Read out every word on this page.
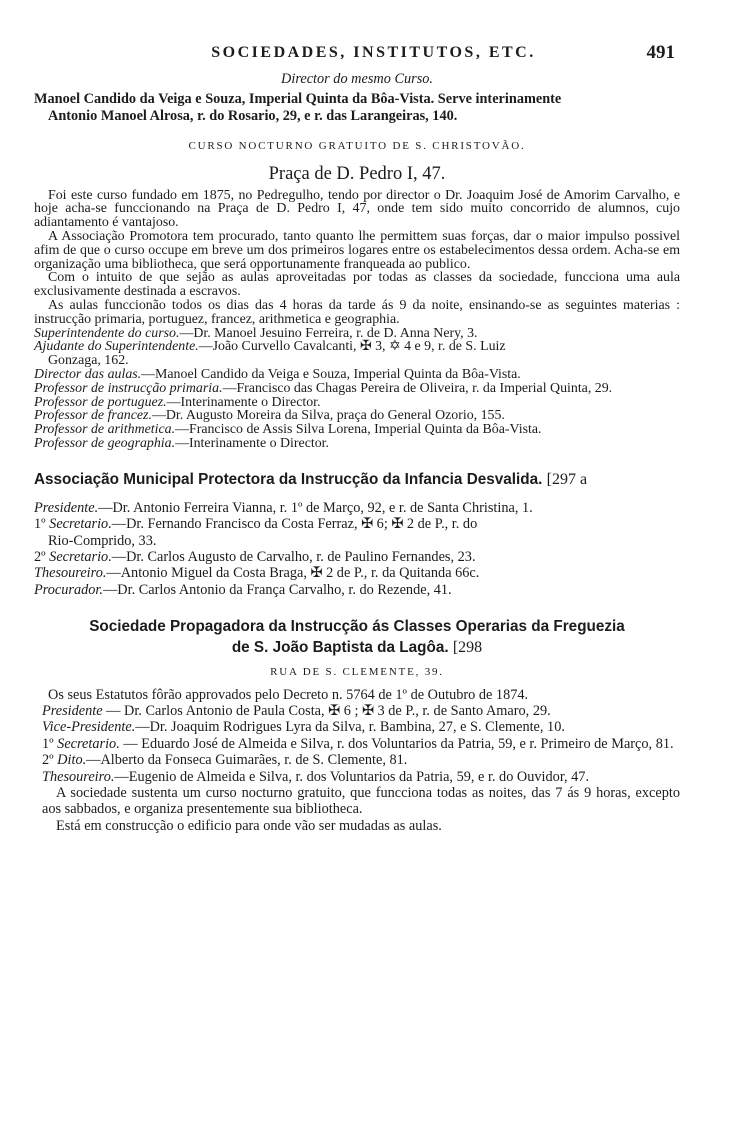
SOCIEDADES, INSTITUTOS, ETC.	491

Director do mesmo Curso.

Manoel Candido da Veiga e Souza, Imperial Quinta da Bôa-Vista. Serve interinamente

Antonio Manoel Alrosa, r. do Rosario, 29, e r. das Larangeiras, 140.

CURSO NOCTURNO GRATUITO DE S. CHRISTOVÃO.

Praça de D. Pedro I, 47.

Foi este curso fundado em 1875, no Pedregulho, tendo por director o Dr. Joaquim José de Amorim Carvalho, e hoje acha-se funccionando na Praça de D. Pedro I, 47, onde tem sido muito concorrido de alumnos, cujo adiantamento é vantajoso.

A Associação Promotora tem procurado, tanto quanto lhe permittem suas forças, dar o maior impulso possivel afim de que o curso occupe em breve um dos primeiros logares entre os estabelecimentos dessa ordem. Acha-se em organização uma bibliotheca, que será opportunamente franqueada ao publico.

Com o intuito de que sejão as aulas aproveitadas por todas as classes da sociedade, funcciona uma aula exclusivamente destinada a escravos.

As aulas funccionão todos os dias das 4 horas da tarde ás 9 da noite, ensinando-se as seguintes materias : instrucção primaria, portuguez, francez, arithmetica e geographia.

Superintendente do curso.—Dr. Manoel Jesuino Ferreira, r. de D. Anna Nery, 3.

Ajudante do Superintendente.—João Curvello Cavalcanti, ✠ 3, ✡ 4 e 9, r. de S. Luiz

Gonzaga, 162.

Director das aulas.—Manoel Candido da Veiga e Souza, Imperial Quinta da Bôa-Vista.

Professor de instrucção primaria.—Francisco das Chagas Pereira de Oliveira, r. da Imperial Quinta, 29.

Professor de portuguez.—Interinamente o Director.

Professor de francez.—Dr. Augusto Moreira da Silva, praça do General Ozorio, 155.

Professor de arithmetica.—Francisco de Assis Silva Lorena, Imperial Quinta da Bôa-Vista.

Professor de geographia.—Interinamente o Director.

Associação Municipal Protectora da Instrucção da Infancia Desvalida. [297 a

Presidente.—Dr. Antonio Ferreira Vianna, r. 1º de Março, 92, e r. de Santa Christina, 1.

1º Secretario.—Dr. Fernando Francisco da Costa Ferraz, ✠ 6; ✠ 2 de P., r. do

Rio-Comprido, 33.

2º Secretario.—Dr. Carlos Augusto de Carvalho, r. de Paulino Fernandes, 23.

Thesoureiro.—Antonio Miguel da Costa Braga, ✠ 2 de P., r. da Quitanda 66c.

Procurador.—Dr. Carlos Antonio da França Carvalho, r. do Rezende, 41.

Sociedade Propagadora da Instrucção ás Classes Operarias da Freguezia

de S. João Baptista da Lagôa. [298

RUA DE S. CLEMENTE, 39.

Os seus Estatutos fôrão approvados pelo Decreto n. 5764 de 1º de Outubro de 1874.

Presidente — Dr. Carlos Antonio de Paula Costa, ✠ 6 ; ✠ 3 de P., r. de Santo Amaro, 29.

Vice-Presidente.—Dr. Joaquim Rodrigues Lyra da Silva, r. Bambina, 27, e S. Clemente, 10.

1º Secretario. — Eduardo José de Almeida e Silva, r. dos Voluntarios da Patria, 59, e r. Primeiro de Março, 81.

2º Dito.—Alberto da Fonseca Guimarães, r. de S. Clemente, 81.

Thesoureiro.—Eugenio de Almeida e Silva, r. dos Voluntarios da Patria, 59, e r. do Ouvidor, 47.

A sociedade sustenta um curso nocturno gratuito, que funcciona todas as noites, das 7 ás 9 horas, excepto aos sabbados, e organiza presentemente sua bibliotheca.

Está em construcção o edificio para onde vão ser mudadas as aulas.
